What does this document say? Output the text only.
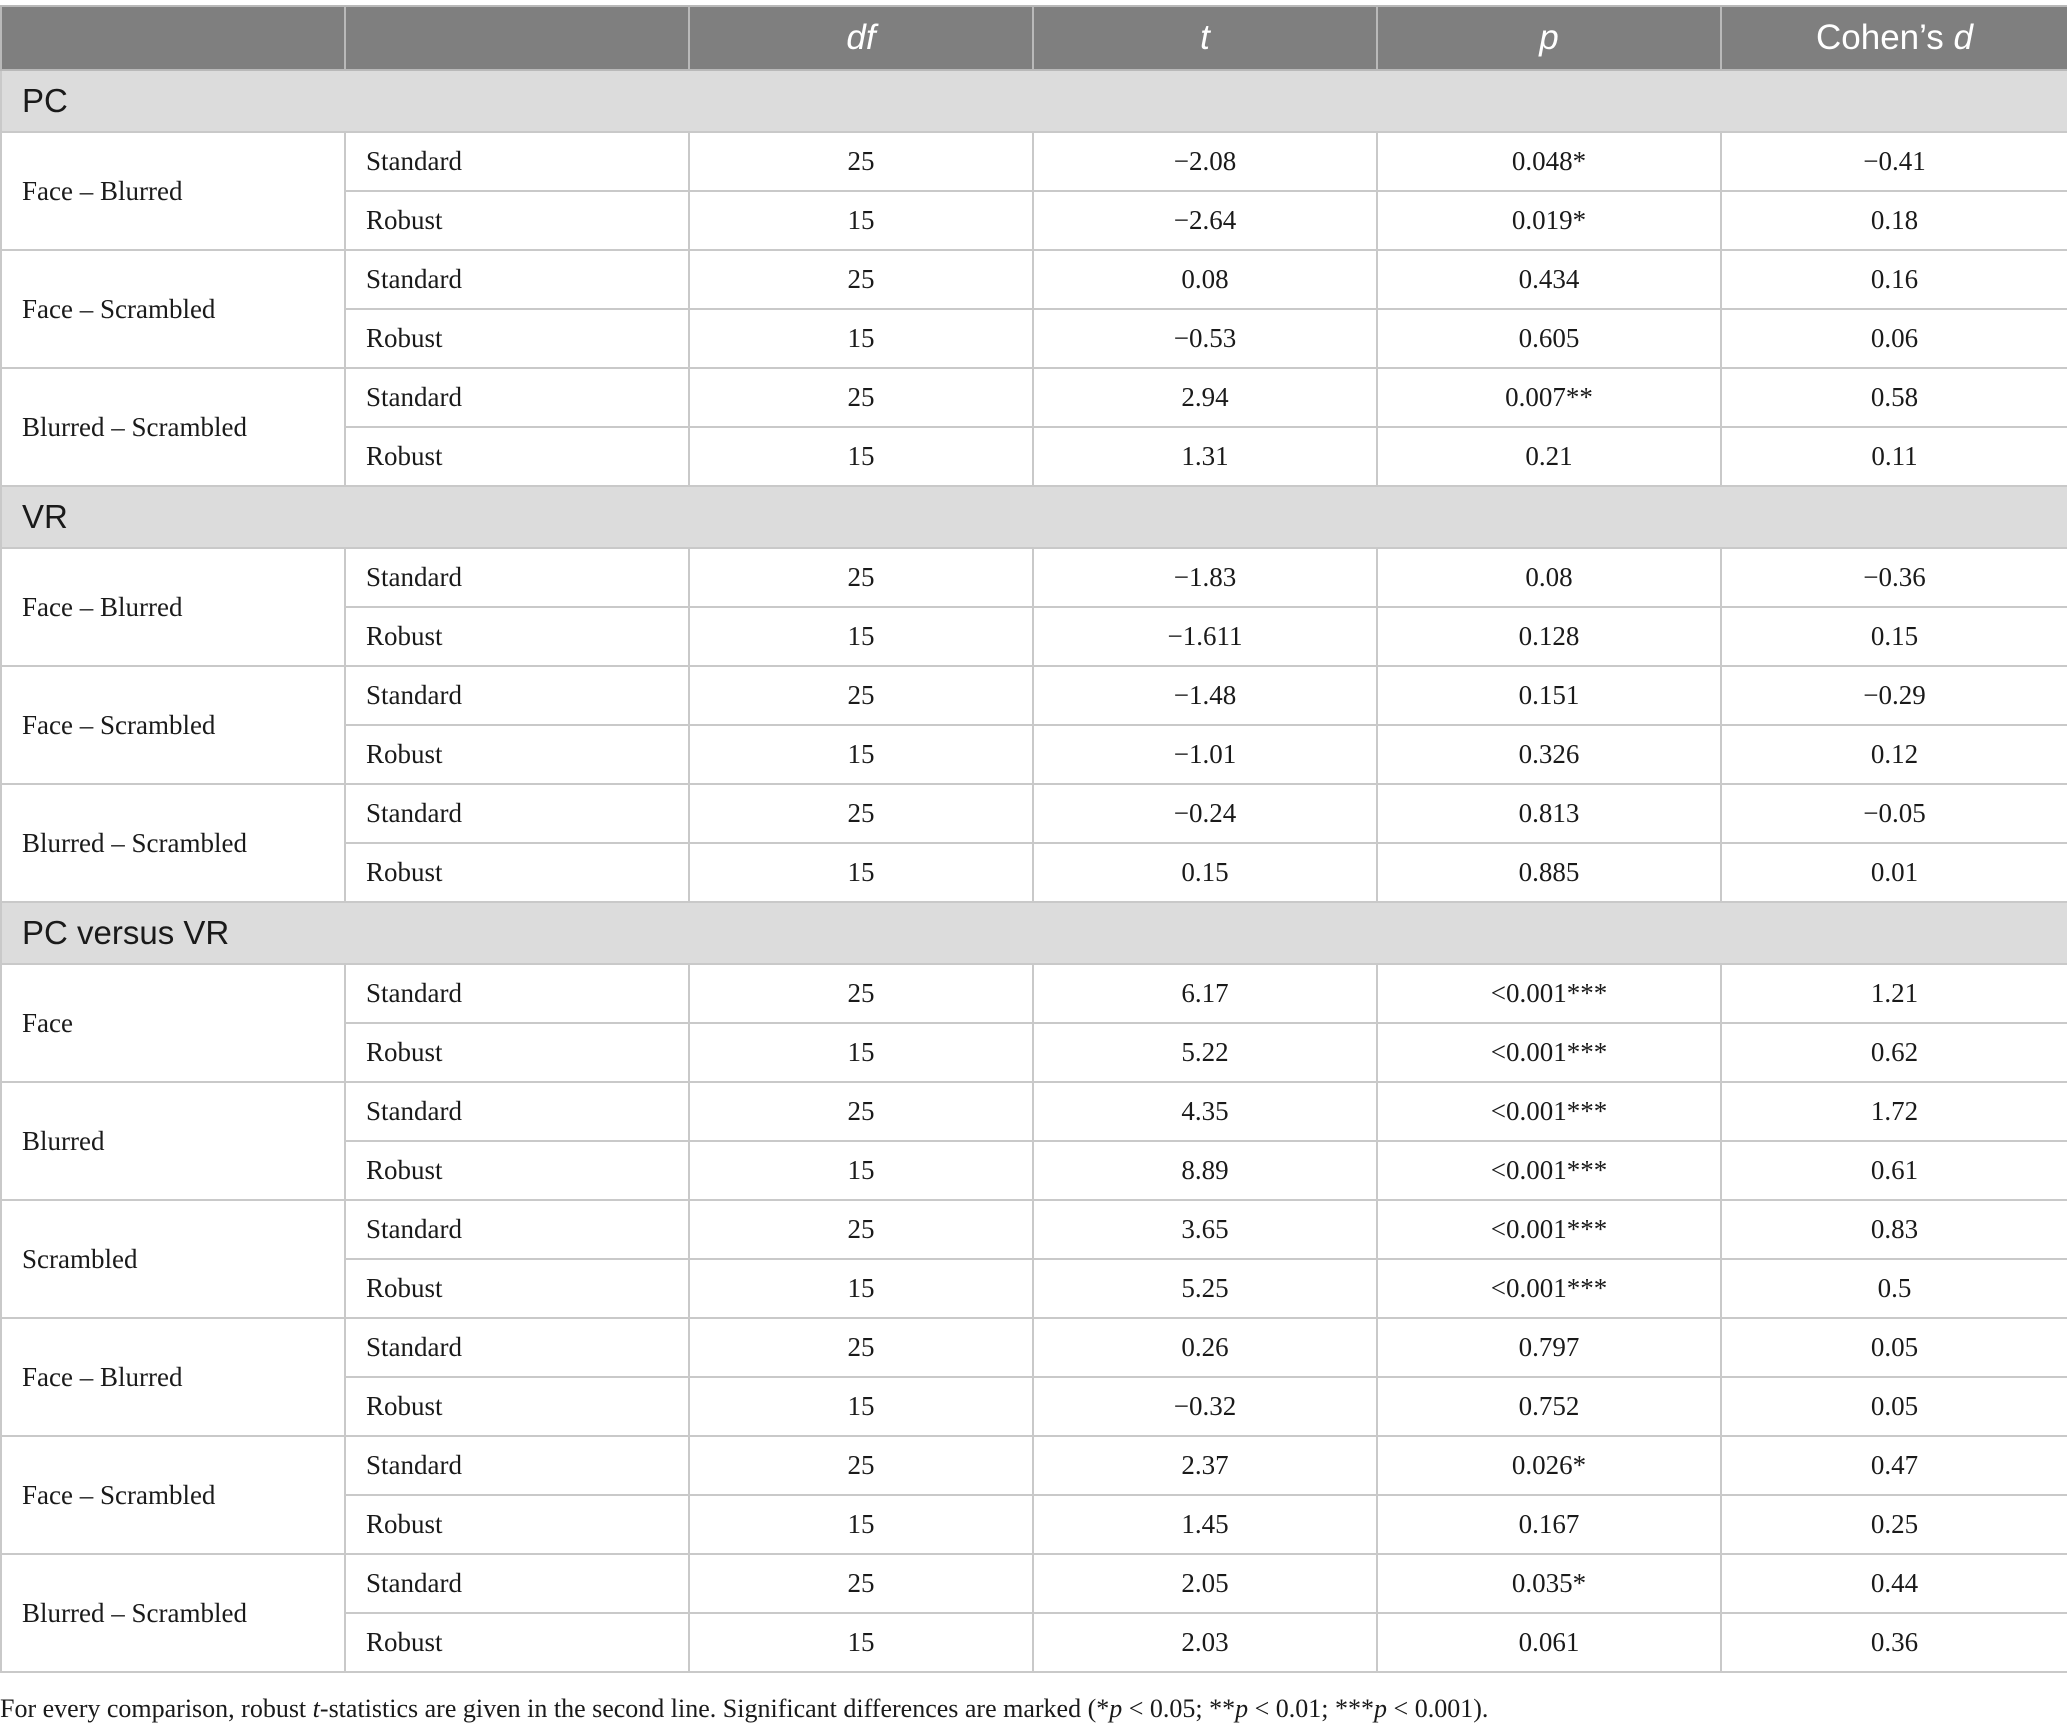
		df	t	p	Cohen’s d
PC					
Face – Blurred	Standard	25	−2.08	0.048*	−0.41
	Robust	15	−2.64	0.019*	0.18
Face – Scrambled	Standard	25	0.08	0.434	0.16
	Robust	15	−0.53	0.605	0.06
Blurred – Scrambled	Standard	25	2.94	0.007**	0.58
	Robust	15	1.31	0.21	0.11
VR					
Face – Blurred	Standard	25	−1.83	0.08	−0.36
	Robust	15	−1.611	0.128	0.15
Face – Scrambled	Standard	25	−1.48	0.151	−0.29
	Robust	15	−1.01	0.326	0.12
Blurred – Scrambled	Standard	25	−0.24	0.813	−0.05
	Robust	15	0.15	0.885	0.01
PC versus VR					
Face	Standard	25	6.17	<0.001***	1.21
	Robust	15	5.22	<0.001***	0.62
Blurred	Standard	25	4.35	<0.001***	1.72
	Robust	15	8.89	<0.001***	0.61
Scrambled	Standard	25	3.65	<0.001***	0.83
	Robust	15	5.25	<0.001***	0.5
Face – Blurred	Standard	25	0.26	0.797	0.05
	Robust	15	−0.32	0.752	0.05
Face – Scrambled	Standard	25	2.37	0.026*	0.47
	Robust	15	1.45	0.167	0.25
Blurred – Scrambled	Standard	25	2.05	0.035*	0.44
	Robust	15	2.03	0.061	0.36

For every comparison, robust t-statistics are given in the second line. Significant differences are marked (*p < 0.05; **p < 0.01; ***p < 0.001).
